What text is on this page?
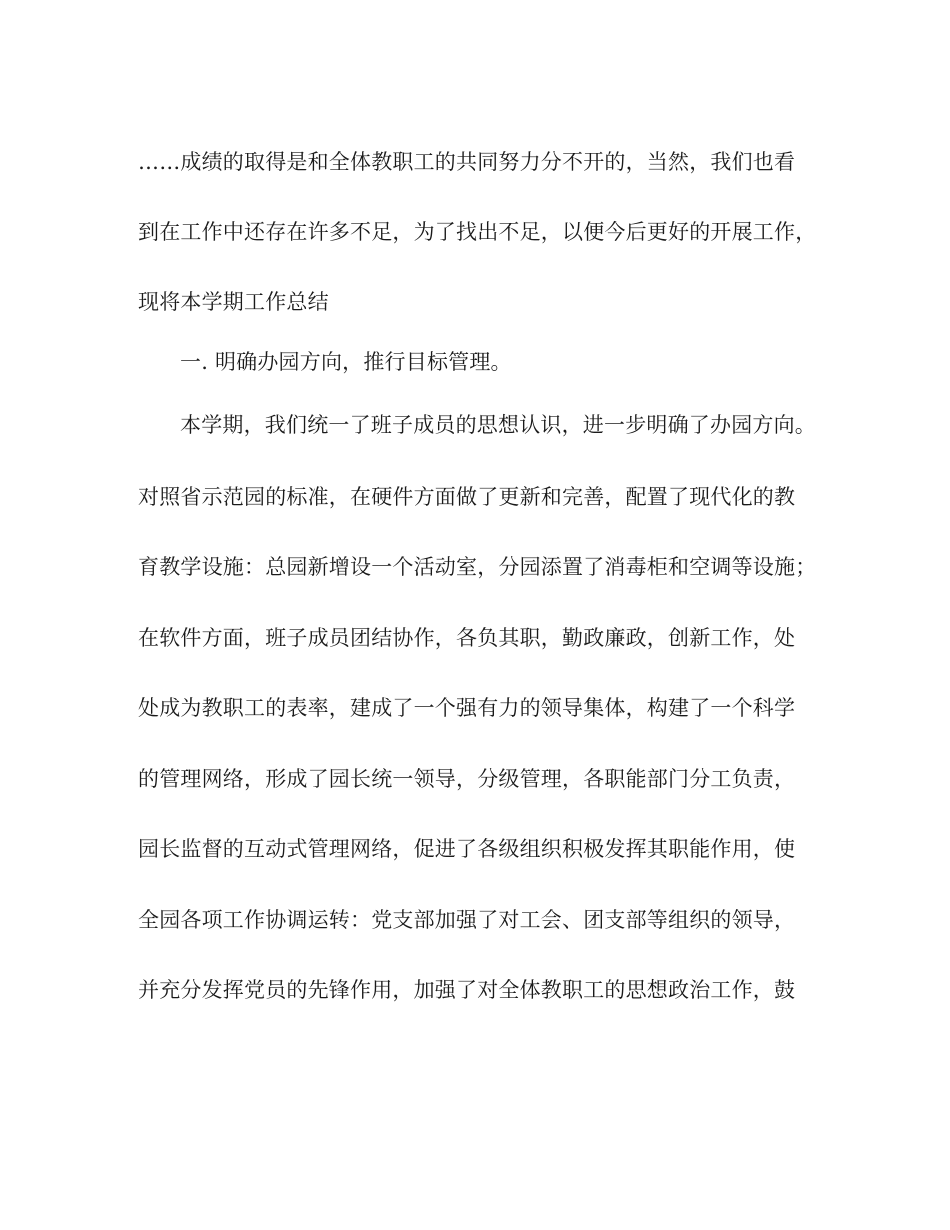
……成绩的取得是和全体教职工的共同努力分不开的，当然，我们也看
到在工作中还存在许多不足，为了找出不足，以便今后更好的开展工作，
现将本学期工作总结
一. 明确办园方向，推行目标管理。
本学期，我们统一了班子成员的思想认识，进一步明确了办园方向。
对照省示范园的标准，在硬件方面做了更新和完善，配置了现代化的教
育教学设施：总园新增设一个活动室，分园添置了消毒柜和空调等设施；
在软件方面，班子成员团结协作，各负其职，勤政廉政，创新工作，处
处成为教职工的表率，建成了一个强有力的领导集体，构建了一个科学
的管理网络，形成了园长统一领导，分级管理，各职能部门分工负责，
园长监督的互动式管理网络，促进了各级组织积极发挥其职能作用，使
全园各项工作协调运转：党支部加强了对工会、团支部等组织的领导，
并充分发挥党员的先锋作用，加强了对全体教职工的思想政治工作，鼓
